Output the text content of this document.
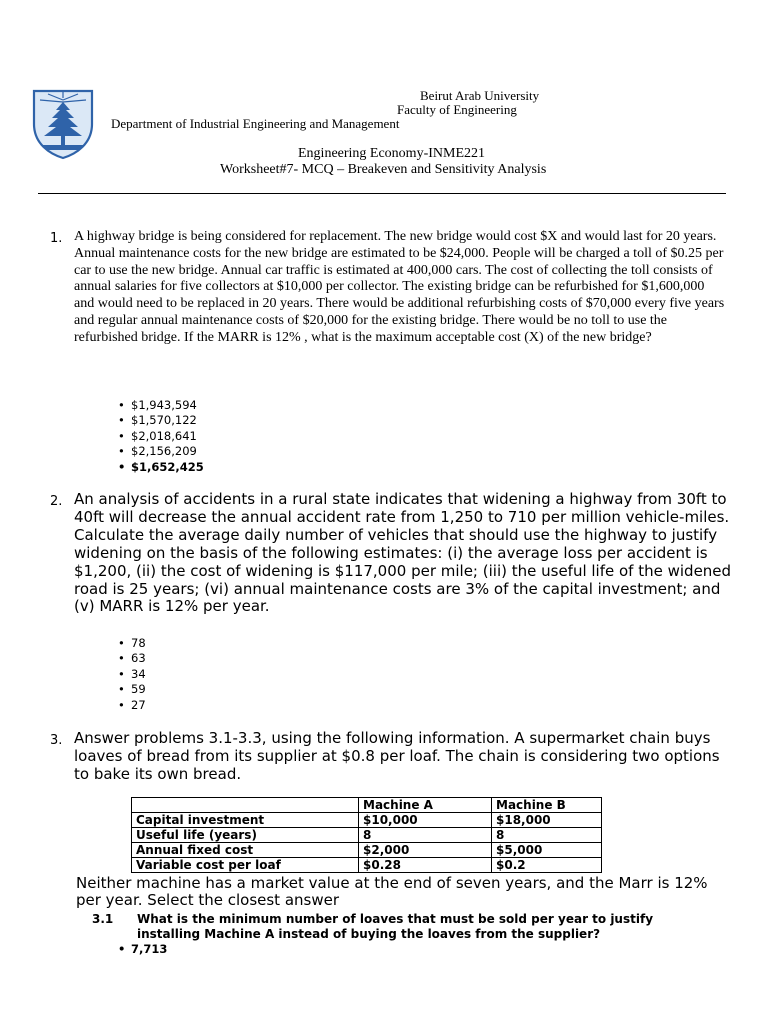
Beirut Arab University
Faculty of Engineering
Department of Industrial Engineering and Management
Engineering Economy-INME221
Worksheet#7- MCQ – Breakeven and Sensitivity Analysis
1. A highway bridge is being considered for replacement. The new bridge would cost $X and would last for 20 years. Annual maintenance costs for the new bridge are estimated to be $24,000. People will be charged a toll of $0.25 per car to use the new bridge. Annual car traffic is estimated at 400,000 cars. The cost of collecting the toll consists of annual salaries for five collectors at $10,000 per collector. The existing bridge can be refurbished for $1,600,000 and would need to be replaced in 20 years. There would be additional refurbishing costs of $70,000 every five years and regular annual maintenance costs of $20,000 for the existing bridge. There would be no toll to use the refurbished bridge. If the MARR is 12% , what is the maximum acceptable cost (X) of the new bridge?
• $1,943,594
• $1,570,122
• $2,018,641
• $2,156,209
• $1,652,425
2. An analysis of accidents in a rural state indicates that widening a highway from 30ft to 40ft will decrease the annual accident rate from 1,250 to 710 per million vehicle-miles. Calculate the average daily number of vehicles that should use the highway to justify widening on the basis of the following estimates: (i) the average loss per accident is $1,200, (ii) the cost of widening is $117,000 per mile; (iii) the useful life of the widened road is 25 years; (vi) annual maintenance costs are 3% of the capital investment; and (v) MARR is 12% per year.
• 78
• 63
• 34
• 59
• 27
3. Answer problems 3.1-3.3, using the following information. A supermarket chain buys loaves of bread from its supplier at $0.8 per loaf. The chain is considering two options to bake its own bread.
	Machine A	Machine B
Capital investment	$10,000	$18,000
Useful life (years)	8	8
Annual fixed cost	$2,000	$5,000
Variable cost per loaf	$0.28	$0.2
Neither machine has a market value at the end of seven years, and the Marr is 12% per year. Select the closest answer
3.1 What is the minimum number of loaves that must be sold per year to justify installing Machine A instead of buying the loaves from the supplier?
• 7,713
